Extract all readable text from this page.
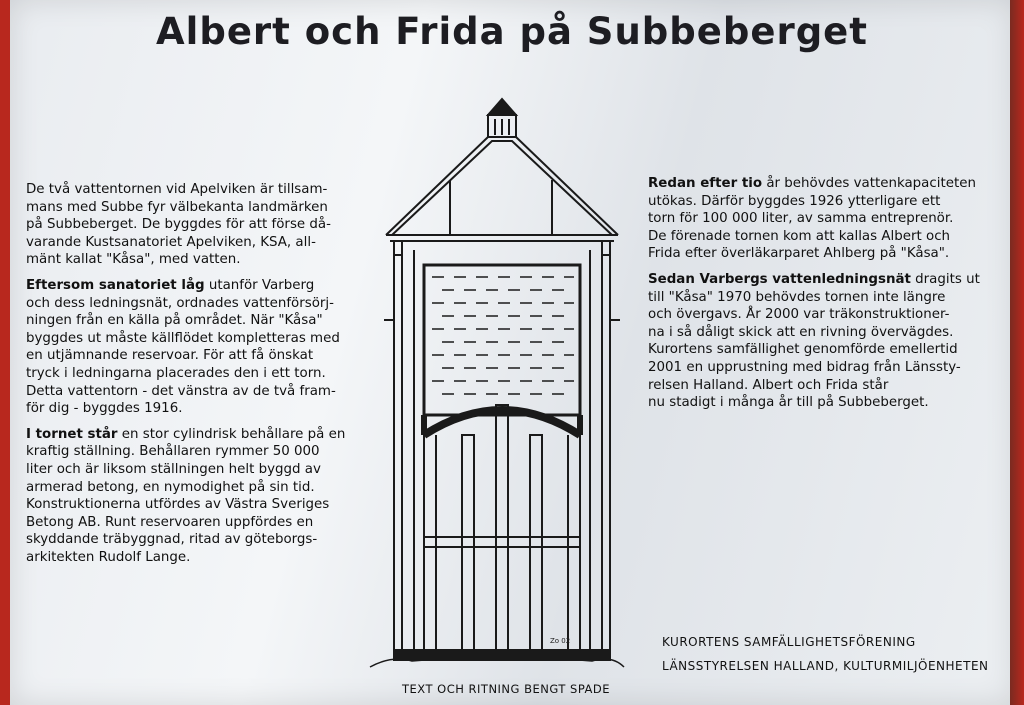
Albert och Frida på Subbeberget

De två vattentornen vid Apelviken är tillsam-
mans med Subbe fyr välbekanta landmärken
på Subbeberget. De byggdes för att förse då-
varande Kustsanatoriet Apelviken, KSA, all-
mänt kallat "Kåsa", med vatten.

Eftersom sanatoriet låg utanför Varberg
och dess ledningsnät, ordnades vattenförsörj-
ningen från en källa på området. När "Kåsa"
byggdes ut måste källflödet kompletteras med
en utjämnande reservoar. För att få önskat
tryck i ledningarna placerades den i ett torn.
Detta vattentorn - det vänstra av de två fram-
för dig - byggdes 1916.

I tornet står en stor cylindrisk behållare på en
kraftig ställning. Behållaren rymmer 50 000
liter och är liksom ställningen helt byggd av
armerad betong, en nymodighet på sin tid.
Konstruktionerna utfördes av Västra Sveriges
Betong AB. Runt reservoaren uppfördes en
skyddande träbyggnad, ritad av göteborgs-
arkitekten Rudolf Lange.

Redan efter tio år behövdes vattenkapaciteten
utökas. Därför byggdes 1926 ytterligare ett
torn för 100 000 liter, av samma entreprenör.
De förenade tornen kom att kallas Albert och
Frida efter överläkarparet Ahlberg på "Kåsa".

Sedan Varbergs vattenledningsnät dragits ut
till "Kåsa" 1970 behövdes tornen inte längre
och övergavs. År 2000 var träkonstruktioner-
na i så dåligt skick att en rivning övervägdes.
Kurortens samfällighet genomförde emellertid
2001 en upprustning med bidrag från Länssty-
relsen Halland. Albert och Frida står
nu stadigt i många år till på Subbeberget.

KURORTENS SAMFÄLLIGHETSFÖRENING
LÄNSSTYRELSEN HALLAND, KULTURMILJÖENHETEN
TEXT OCH RITNING BENGT SPADE
Zo 02
